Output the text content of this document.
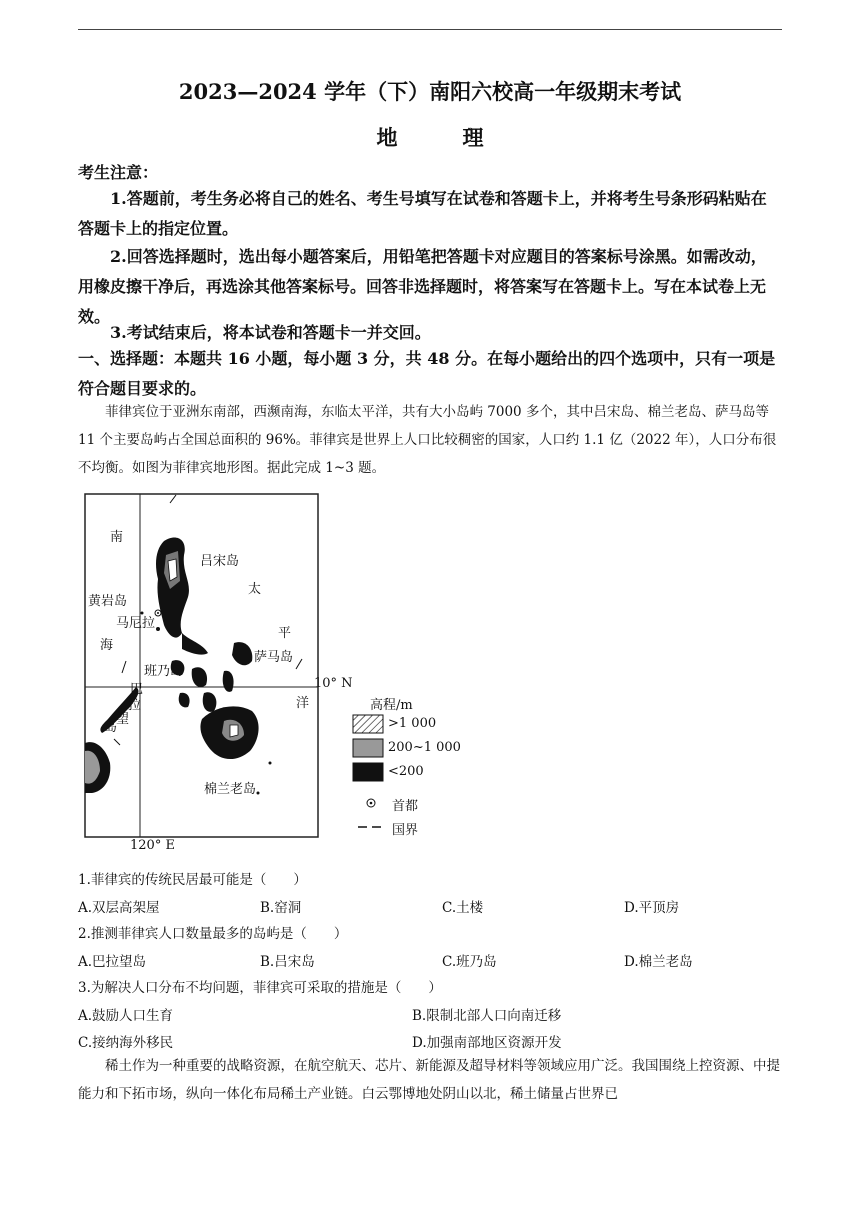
2023—2024 学年（下）南阳六校高一年级期末考试
地　理
考生注意：
1.答题前，考生务必将自己的姓名、考生号填写在试卷和答题卡上，并将考生号条形码粘贴在答题卡上的指定位置。
2.回答选择题时，选出每小题答案后，用铅笔把答题卡对应题目的答案标号涂黑。如需改动，用橡皮擦干净后，再选涂其他答案标号。回答非选择题时，将答案写在答题卡上。写在本试卷上无效。
3.考试结束后，将本试卷和答题卡一并交回。
一、选择题：本题共 16 小题，每小题 3 分，共 48 分。在每小题给出的四个选项中，只有一项是符合题目要求的。
菲律宾位于亚洲东南部，西濒南海，东临太平洋，共有大小岛屿 7000 多个，其中吕宋岛、棉兰老岛、萨马岛等 11 个主要岛屿占全国总面积的 96%。菲律宾是世界上人口比较稠密的国家，人口约 1.1 亿（2022 年），人口分布很不均衡。如图为菲律宾地形图。据此完成 1~3 题。
南
吕宋岛
太
黄岩岛
马尼拉
平
海
萨马岛
班乃岛
巴	10° N
洋
拉
望
岛
棉兰老岛
120° E
高程/m
>1 000
200~1 000
<200
首都
国界
1.菲律宾的传统民居最可能是（　　）
A.双层高架屋	B.窑洞	C.土楼	D.平顶房
2.推测菲律宾人口数量最多的岛屿是（　　）
A.巴拉望岛	B.吕宋岛	C.班乃岛	D.棉兰老岛
3.为解决人口分布不均问题，菲律宾可采取的措施是（　　）
A.鼓励人口生育	B.限制北部人口向南迁移
C.接纳海外移民	D.加强南部地区资源开发
稀土作为一种重要的战略资源，在航空航天、芯片、新能源及超导材料等领域应用广泛。我国围绕上控资源、中提能力和下拓市场，纵向一体化布局稀土产业链。白云鄂博地处阴山以北，稀土储量占世界已
